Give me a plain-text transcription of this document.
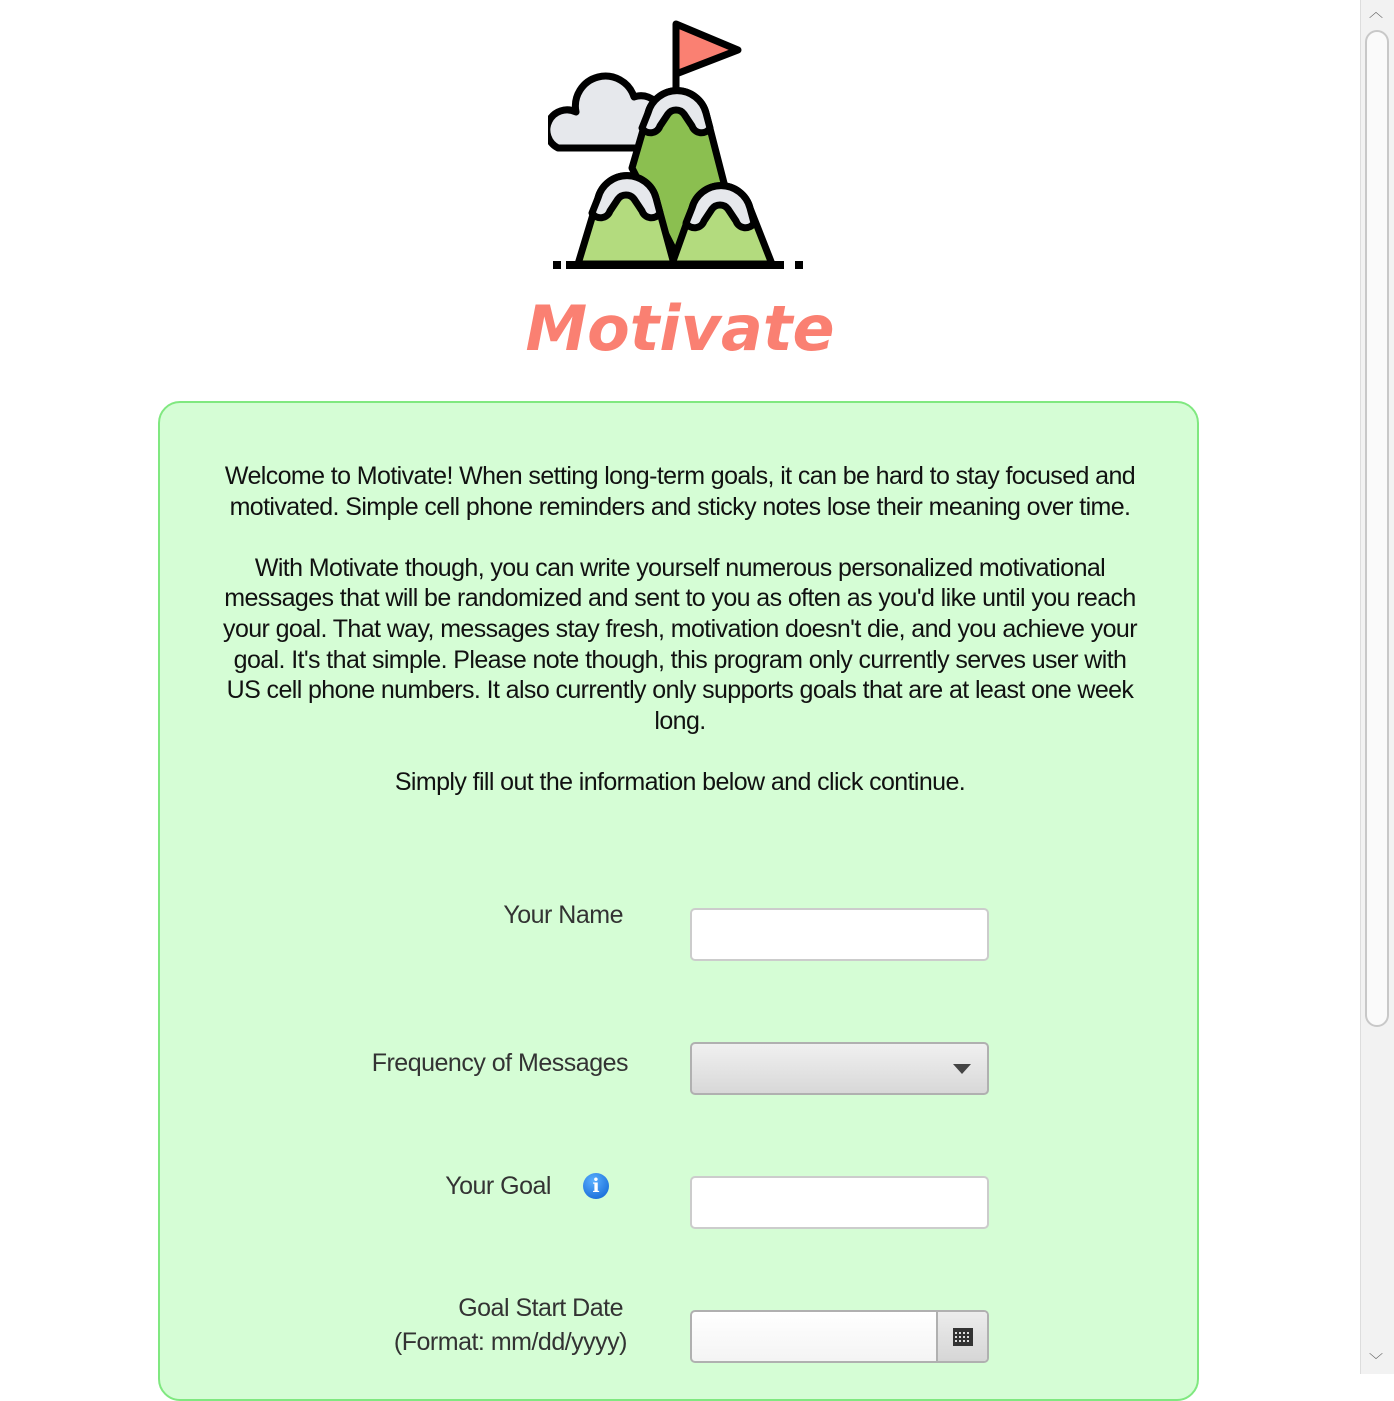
Motivate

Welcome to Motivate! When setting long-term goals, it can be hard to stay focused and motivated. Simple cell phone reminders and sticky notes lose their meaning over time.

With Motivate though, you can write yourself numerous personalized motivational messages that will be randomized and sent to you as often as you'd like until you reach your goal. That way, messages stay fresh, motivation doesn't die, and you achieve your goal. It's that simple. Please note though, this program only currently serves user with US cell phone numbers. It also currently only supports goals that are at least one week long.

Simply fill out the information below and click continue.

Your Name
Frequency of Messages
Your Goal	i
Goal Start Date
(Format: mm/dd/yyyy)
︿
﹀
